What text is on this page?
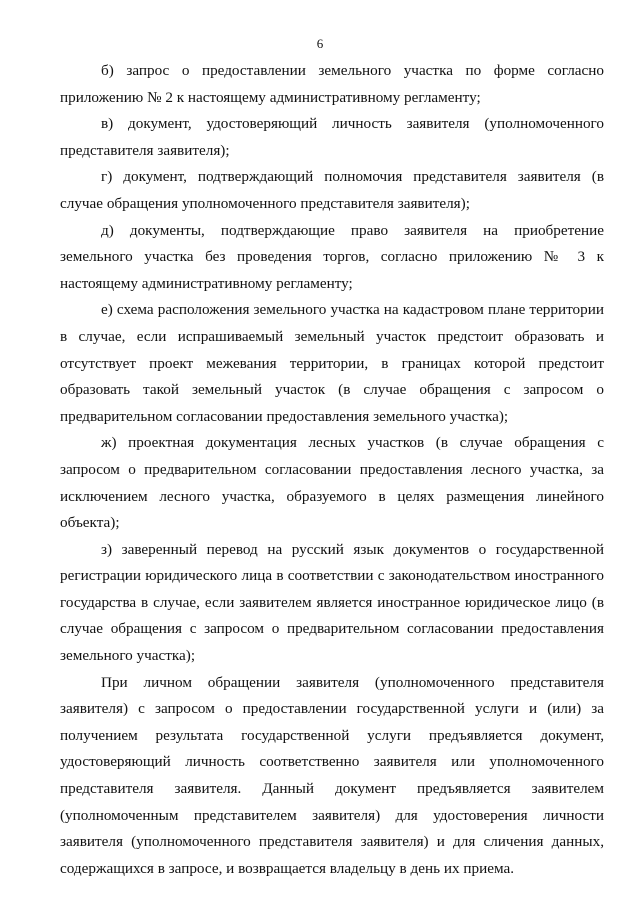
6

б) запрос о предоставлении земельного участка по форме согласно приложению № 2 к настоящему административному регламенту;

в) документ, удостоверяющий личность заявителя (уполномоченного представителя заявителя);

г) документ, подтверждающий полномочия представителя заявителя (в случае обращения уполномоченного представителя заявителя);

д) документы, подтверждающие право заявителя на приобретение земельного участка без проведения торгов, согласно приложению № 3 к настоящему административному регламенту;

е) схема расположения земельного участка на кадастровом плане территории в случае, если испрашиваемый земельный участок предстоит образовать и отсутствует проект межевания территории, в границах которой предстоит образовать такой земельный участок (в случае обращения с запросом о предварительном согласовании предоставления земельного участка);

ж) проектная документация лесных участков (в случае обращения с запросом о предварительном согласовании предоставления лесного участка, за исключением лесного участка, образуемого в целях размещения линейного объекта);

з) заверенный перевод на русский язык документов о государственной регистрации юридического лица в соответствии с законодательством иностранного государства в случае, если заявителем является иностранное юридическое лицо (в случае обращения с запросом о предварительном согласовании предоставления земельного участка);

При личном обращении заявителя (уполномоченного представителя заявителя) с запросом о предоставлении государственной услуги и (или) за получением результата государственной услуги предъявляется документ, удостоверяющий личность соответственно заявителя или уполномоченного представителя заявителя. Данный документ предъявляется заявителем (уполномоченным представителем заявителя) для удостоверения личности заявителя (уполномоченного представителя заявителя) и для сличения данных, содержащихся в запросе, и возвращается владельцу в день их приема.
